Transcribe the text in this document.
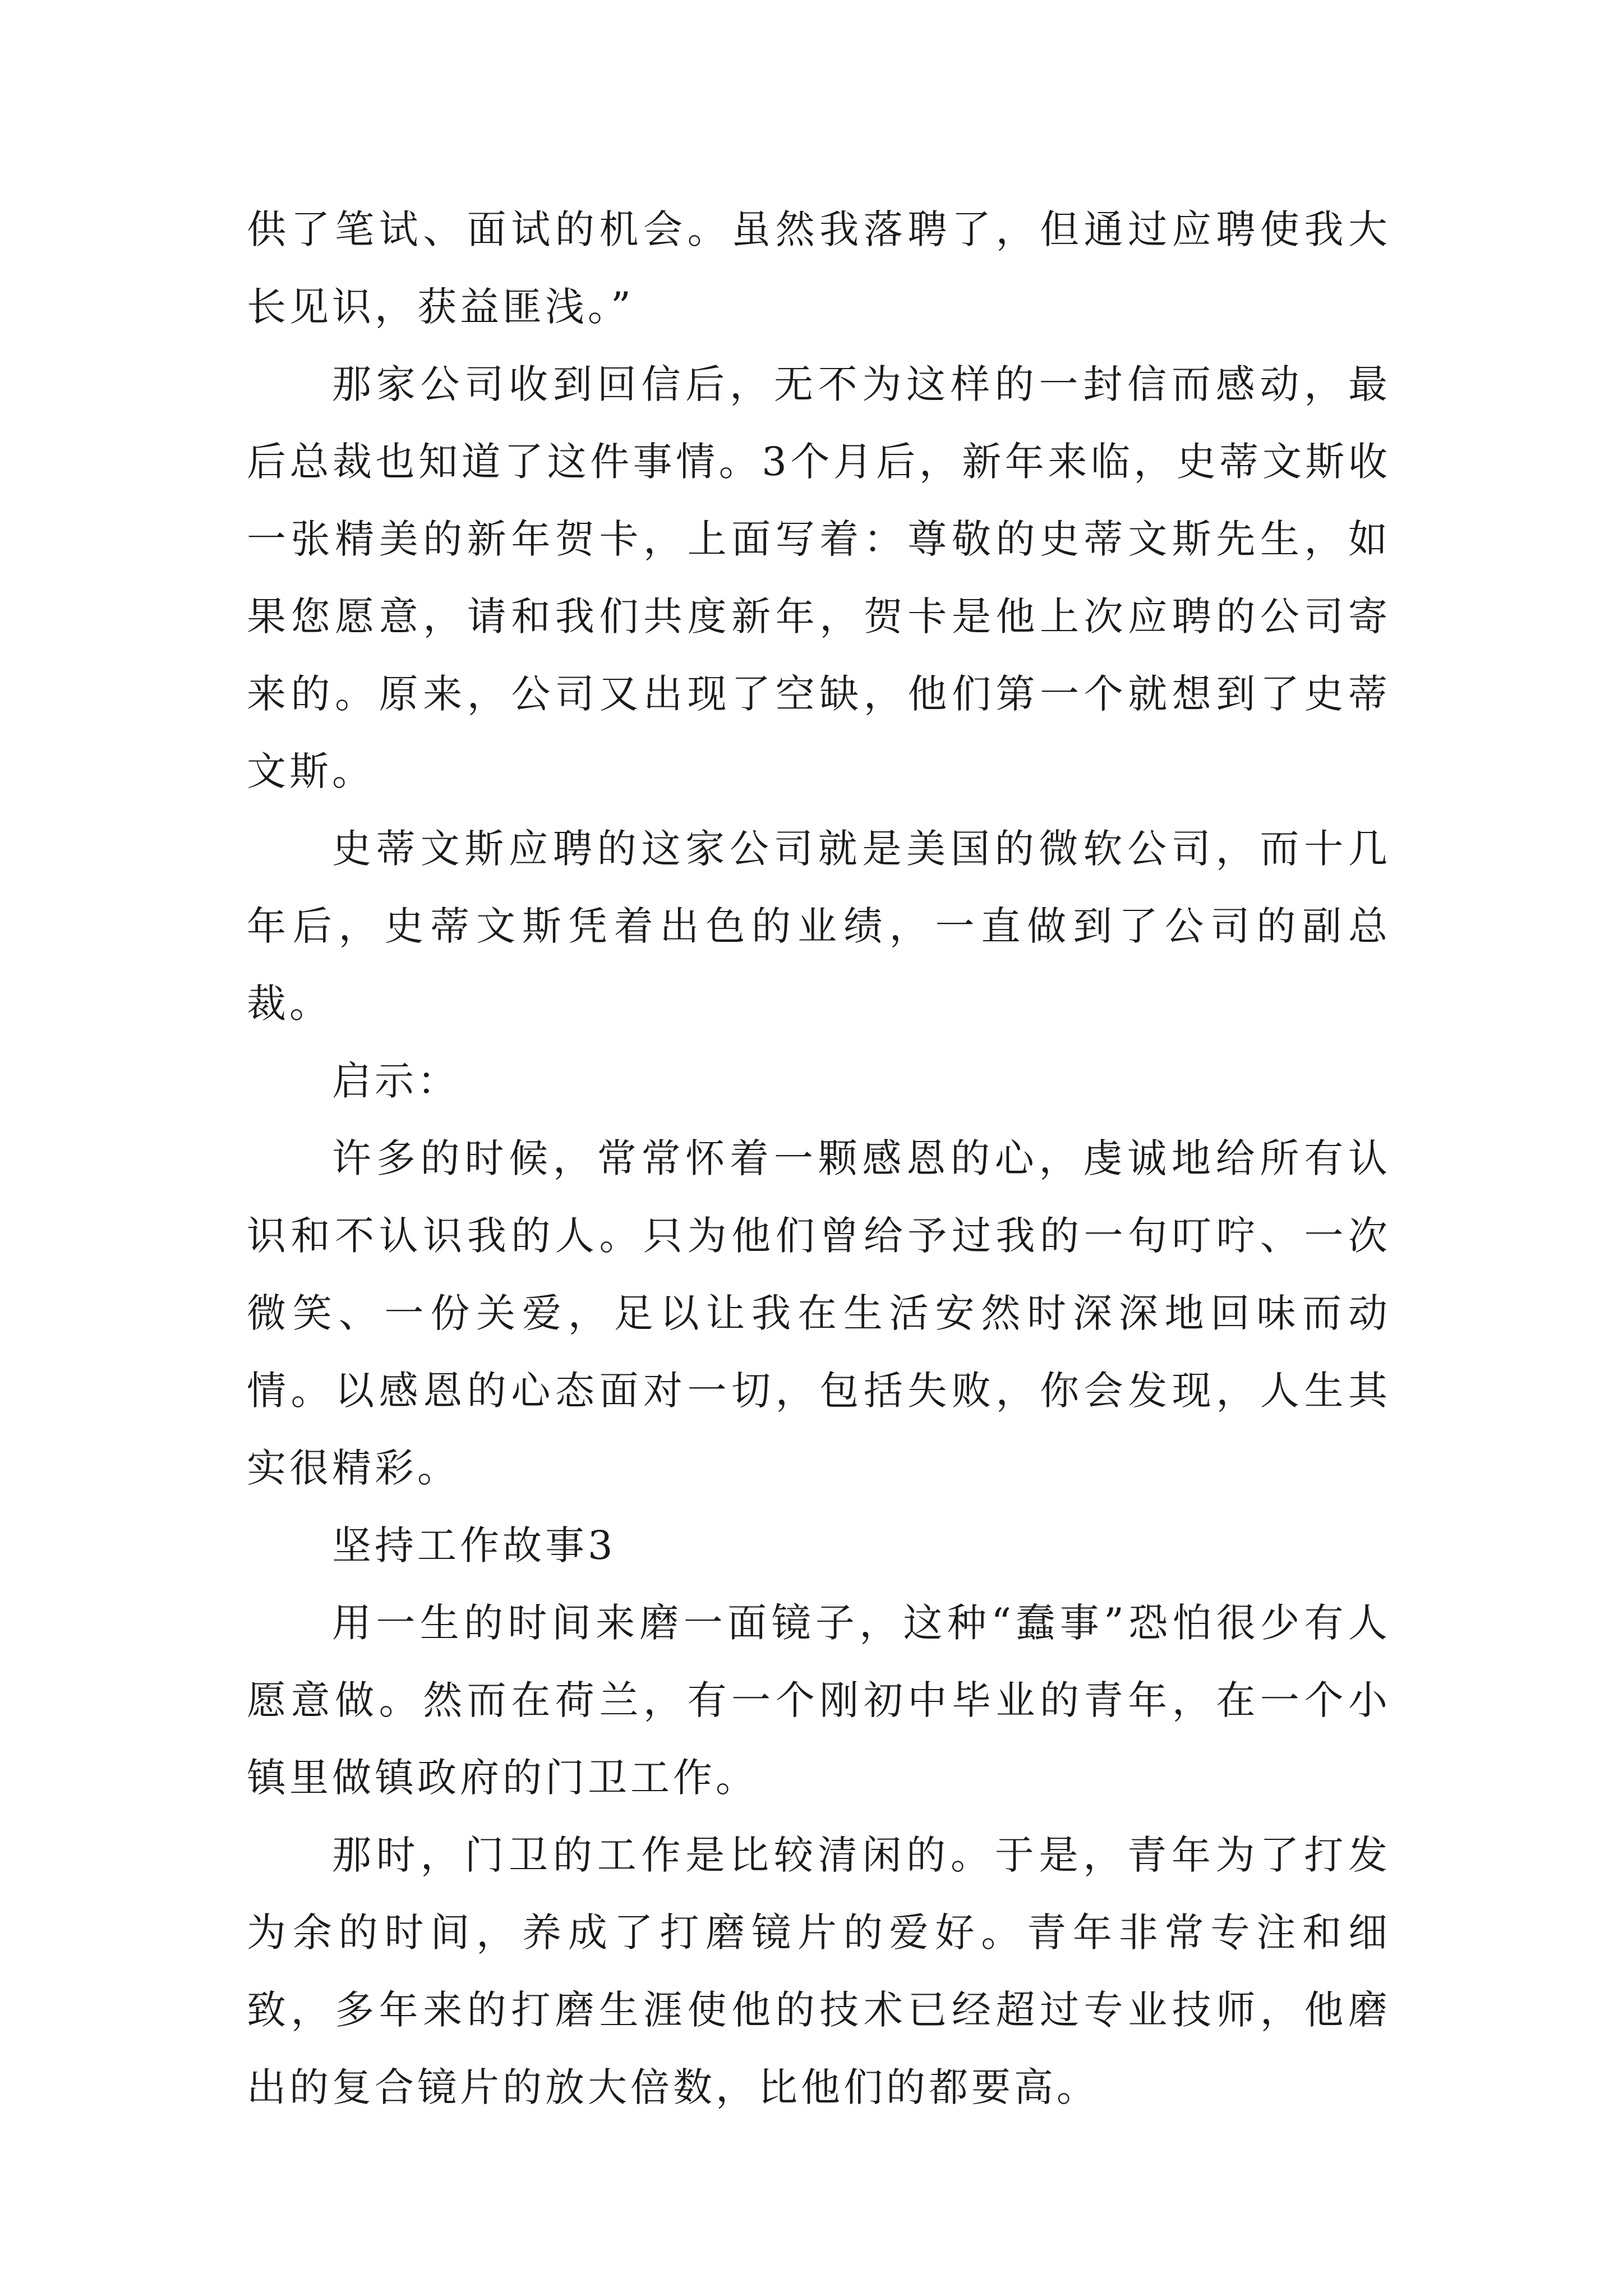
供了笔试、面试的机会。虽然我落聘了，但通过应聘使我大长见识，获益匪浅。”

那家公司收到回信后，无不为这样的一封信而感动，最后总裁也知道了这件事情。3个月后，新年来临，史蒂文斯收一张精美的新年贺卡，上面写着：尊敬的史蒂文斯先生，如果您愿意，请和我们共度新年，贺卡是他上次应聘的公司寄来的。原来，公司又出现了空缺，他们第一个就想到了史蒂文斯。

史蒂文斯应聘的这家公司就是美国的微软公司，而十几年后，史蒂文斯凭着出色的业绩，一直做到了公司的副总裁。

启示：

许多的时候，常常怀着一颗感恩的心，虔诚地给所有认识和不认识我的人。只为他们曾给予过我的一句叮咛、一次微笑、一份关爱，足以让我在生活安然时深深地回味而动情。以感恩的心态面对一切，包括失败，你会发现，人生其实很精彩。

坚持工作故事3

用一生的时间来磨一面镜子，这种“蠢事”恐怕很少有人愿意做。然而在荷兰，有一个刚初中毕业的青年，在一个小镇里做镇政府的门卫工作。

那时，门卫的工作是比较清闲的。于是，青年为了打发为余的时间，养成了打磨镜片的爱好。青年非常专注和细致，多年来的打磨生涯使他的技术已经超过专业技师，他磨出的复合镜片的放大倍数，比他们的都要高。
